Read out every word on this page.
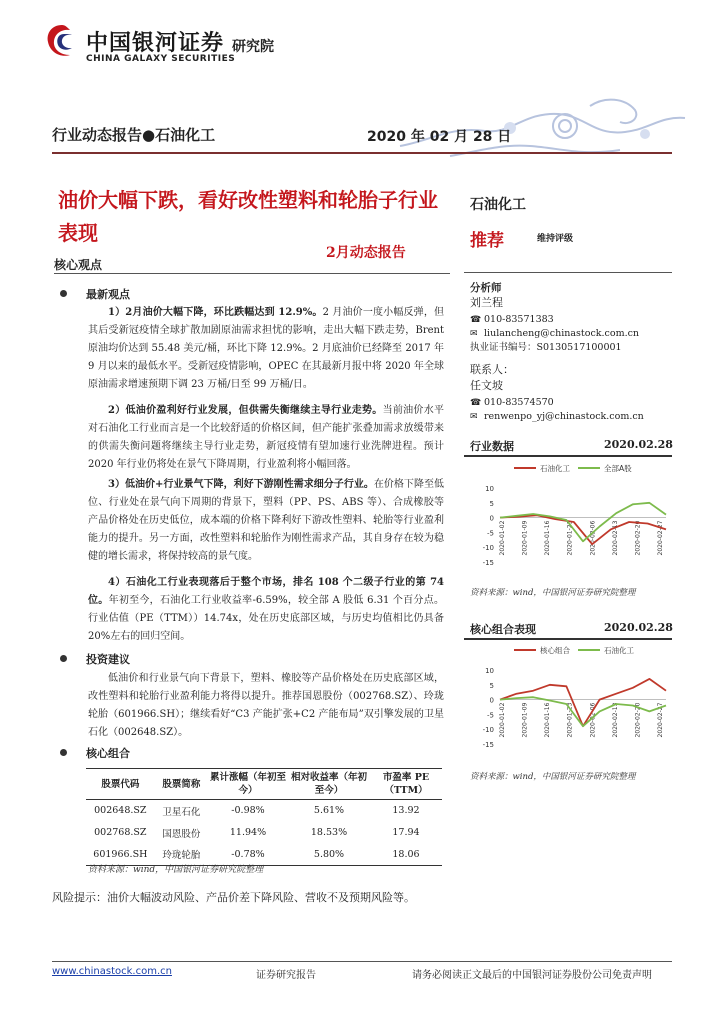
中国银河证券 研究院
CHINA GALAXY SECURITIES
行业动态报告●石油化工	2020 年 02 月 28 日
油价大幅下跌，看好改性塑料和轮胎子行业表现
2月动态报告
核心观点
最新观点
1）2月油价大幅下降，环比跌幅达到 12.9%。2 月油价一度小幅反弹，但其后受新冠疫情全球扩散加剧原油需求担忧的影响，走出大幅下跌走势，Brent 原油均价达到 55.48 美元/桶，环比下降 12.9%。2 月底油价已经降至 2017 年 9 月以来的最低水平。受新冠疫情影响，OPEC 在其最新月报中将 2020 年全球原油需求增速预期下调 23 万桶/日至 99 万桶/日。
2）低油价盈利好行业发展，但供需失衡继续主导行业走势。当前油价水平对石油化工行业而言是一个比较舒适的价格区间，但产能扩张叠加需求放缓带来的供需失衡问题将继续主导行业走势，新冠疫情有望加速行业洗牌进程。预计 2020 年行业仍将处在景气下降周期，行业盈利将小幅回落。
3）低油价+行业景气下降，利好下游刚性需求细分子行业。在价格下降至低位、行业处在景气向下周期的背景下，塑料（PP、PS、ABS 等）、合成橡胶等产品价格处在历史低位，成本端的价格下降利好下游改性塑料、轮胎等行业盈利能力的提升。另一方面，改性塑料和轮胎作为刚性需求产品，其自身存在较为稳健的增长需求，将保持较高的景气度。
4）石油化工行业表现落后于整个市场，排名 108 个二级子行业的第 74 位。年初至今，石油化工行业收益率-6.59%，较全部 A 股低 6.31 个百分点。行业估值（PE（TTM））14.74x，处在历史底部区域，与历史均值相比仍具备 20%左右的回归空间。
投资建议
低油价和行业景气向下背景下，塑料、橡胶等产品价格处在历史底部区域，改性塑料和轮胎行业盈利能力将得以提升。推荐国恩股份（002768.SZ）、玲珑轮胎（601966.SH）；继续看好“C3 产能扩张+C2 产能布局”双引擎发展的卫星石化（002648.SZ）。
核心组合
股票代码	股票简称	累计涨幅（年初至今）	相对收益率（年初至今）	市盈率 PE（TTM）
002648.SZ	卫星石化	-0.98%	5.61%	13.92
002768.SZ	国恩股份	11.94%	18.53%	17.94
601966.SH	玲珑轮胎	-0.78%	5.80%	18.06
资料来源：wind，中国银河证券研究院整理
风险提示：油价大幅波动风险、产品价差下降风险、营收不及预期风险等。
石油化工
推荐	维持评级
分析师
刘兰程
☎ 010-83571383
✉ liulancheng@chinastock.com.cn
执业证书编号：S0130517100001
联系人：
任文坡
☎ 010-83574570
✉ renwenpo_yj@chinastock.com.cn
行业数据	2020.02.28
石油化工	全部A股
10
5
0
-5
-10
-15
2020-01-02	2020-01-09	2020-01-16	2020-01-23	2020-02-06	2020-02-13	2020-02-20	2020-02-27
资料来源：wind，中国银河证券研究院整理
核心组合表现	2020.02.28
核心组合	石油化工
10
5
0
-5
-10
-15
2020-01-02	2020-01-09	2020-01-16	2020-01-23	2020-02-06	2020-02-13	2020-02-20	2020-02-27
资料来源：wind，中国银河证券研究院整理
www.chinastock.com.cn	证券研究报告	请务必阅读正文最后的中国银河证券股份公司免责声明
